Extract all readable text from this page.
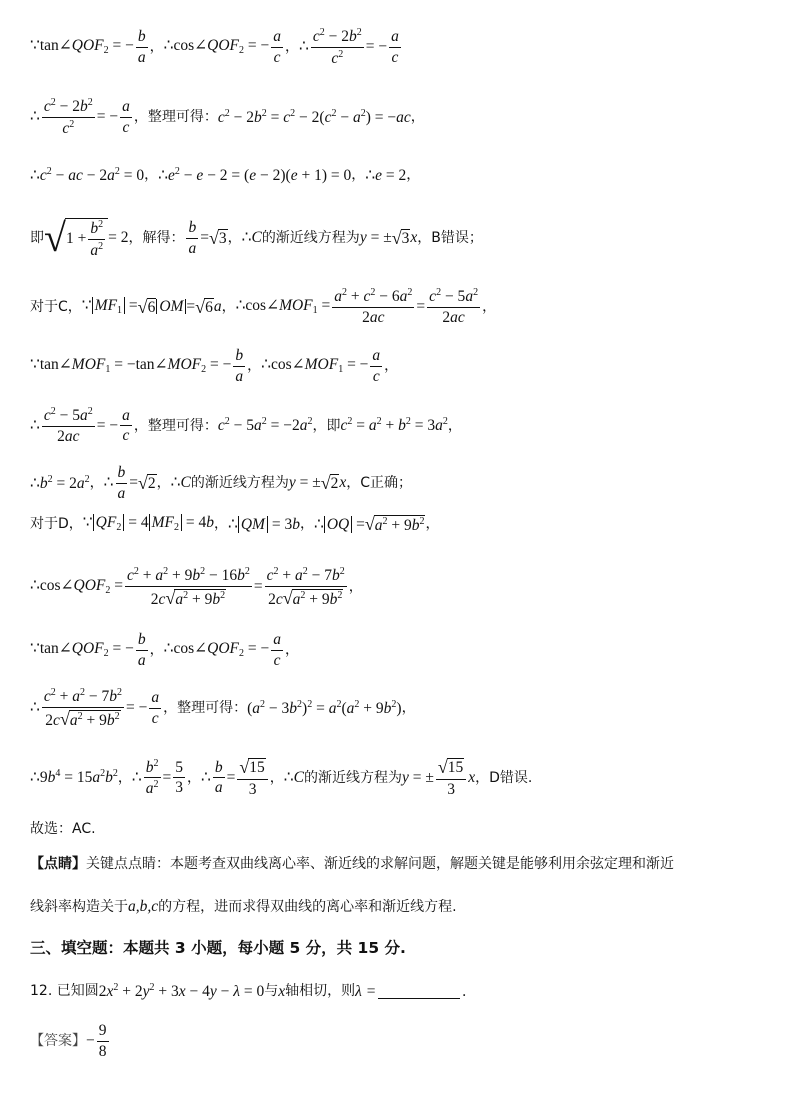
$\because\tan\angle QOF_2$ = − $\frac{b}{a}$ ， $\therefore\cos\angle QOF_2$ = − $\frac{a}{c}$ ， ∴ $\frac{c^2 - 2b^2}{c^2}$ = − $\frac{a}{c}$
∴ $\frac{c^2 - 2b^2}{c^2}$ = − $\frac{a}{c}$ ，整理可得： $c^2 - 2b^2 = c^2 - 2(c^2 - a^2) = -ac$ ，
$\therefore c^2$ − ac − $2a^2 = 0$ ， $\therefore e^2 - e - 2 = (e - 2)(e + 1) = 0$ ， ∴e = 2 ，
即 √ $1 + \frac{b^2}{a^2} = 2$ ，解得： $\frac{b}{a}$ = √ 3 ， ∴C 的渐近线方程为 y = ± √ 3 x ，B错误；
对于C， ∵ $MF_1$ = √ 6 OM = √ 6 a ， $\therefore\cos\angle MOF_1 = \frac{a^2 + c^2 - 6a^2}{2ac} = \frac{c^2 - 5a^2}{2ac}$ ，
$\because\tan\angle MOF_1$ = $-\tan\angle MOF_2$ = − $\frac{b}{a}$ ， $\therefore\cos\angle MOF_1$ = − $\frac{a}{c}$ ，
∴ $\frac{c^2 - 5a^2}{2ac}$ = − $\frac{a}{c}$ ，整理可得： $c^2 - 5a^2 = -2a^2$ ，即 $c^2 = a^2 + b^2 = 3a^2$ ，
$\therefore b^2 = 2a^2$ ， ∴ $\frac{b}{a}$ = √ 2 ， ∴C 的渐近线方程为 y = ± √ 2 x ，C正确；
对于D， ∵ $QF_2 = 4$ $MF_2 = 4b$ ， ∴ QM = 3b ， ∴ OQ = √ $a^2 + 9b^2$ ，
$\therefore\cos\angle QOF_2 = \frac{c^2 + a^2 + 9b^2 - 16b^2}{2c √ a^2 + 9b^2} = \frac{c^2 + a^2 - 7b^2}{2c √ a^2 + 9b^2}$ ，
$\because\tan\angle QOF_2$ = − $\frac{b}{a}$ ， $\therefore\cos\angle QOF_2$ = − $\frac{a}{c}$ ，
∴ $\frac{c^2 + a^2 - 7b^2}{2c √ a^2 + 9b^2}$ = − $\frac{a}{c}$ ，整理可得： $(a^2 - 3b^2)^2 = a^2(a^2 + 9b^2)$ ，
$\therefore 9b^4 = 15a^2b^2$ ， ∴ $\frac{b^2}{a^2} = \frac{5}{3}$ ， ∴ $\frac{b}{a} = \frac{√ 15}{3}$ ， ∴C 的渐近线方程为 y = ± $\frac{√ 15}{3}$ x ，D错误.
故选：AC.
【点睛】 关键点点睛：本题考查双曲线离心率、渐近线的求解问题，解题关键是能够利用余弦定理和渐近
线斜率构造关于 a,b,c 的方程，进而求得双曲线的离心率和渐近线方程.
三、填空题：本题共 3 小题，每小题 5 分，共 15 分.
12. 已知圆 $2x^2 + 2y^2 + 3x - 4y - \lambda = 0$ 与 x 轴相切，则 λ =	.
【答案】 − $\frac{9}{8}$
